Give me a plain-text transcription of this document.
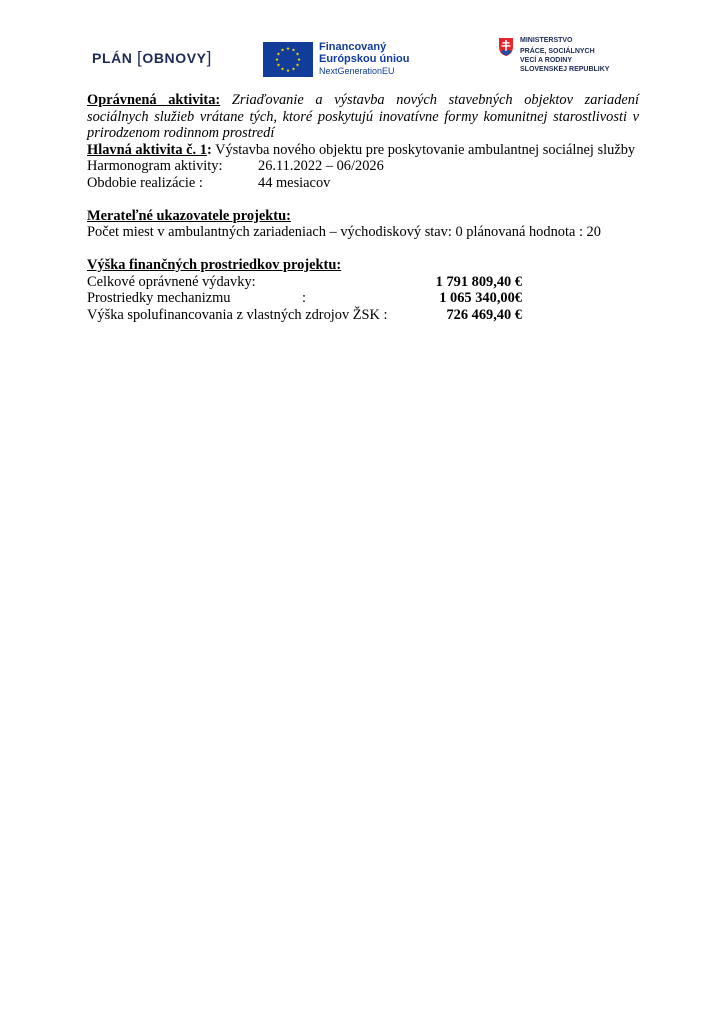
PLÁN [OBNOVY]
Financovaný
Európskou úniou
NextGenerationEU
MINISTERSTVO
PRÁCE, SOCIÁLNYCH
VECÍ A RODINY
SLOVENSKEJ REPUBLIKY
Oprávnená aktivita: Zriaďovanie a výstavba nových stavebných objektov zariadení sociálnych služieb vrátane tých, ktoré poskytujú inovatívne formy komunitnej starostlivosti v prirodzenom rodinnom prostredí
Hlavná aktivita č. 1: Výstavba nového objektu pre poskytovanie ambulantnej sociálnej služby
Harmonogram aktivity:	26.11.2022 – 06/2026
Obdobie realizácie :	44 mesiacov
Merateľné ukazovatele projektu:
Počet miest v ambulantných zariadeniach – východiskový stav: 0 plánovaná hodnota : 20
Výška finančných prostriedkov projektu:
Celkové oprávnené výdavky:	1 791 809,40 €
Prostriedky mechanizmu	:	1 065 340,00€
Výška spolufinancovania z vlastných zdrojov ŽSK :	726 469,40 €
